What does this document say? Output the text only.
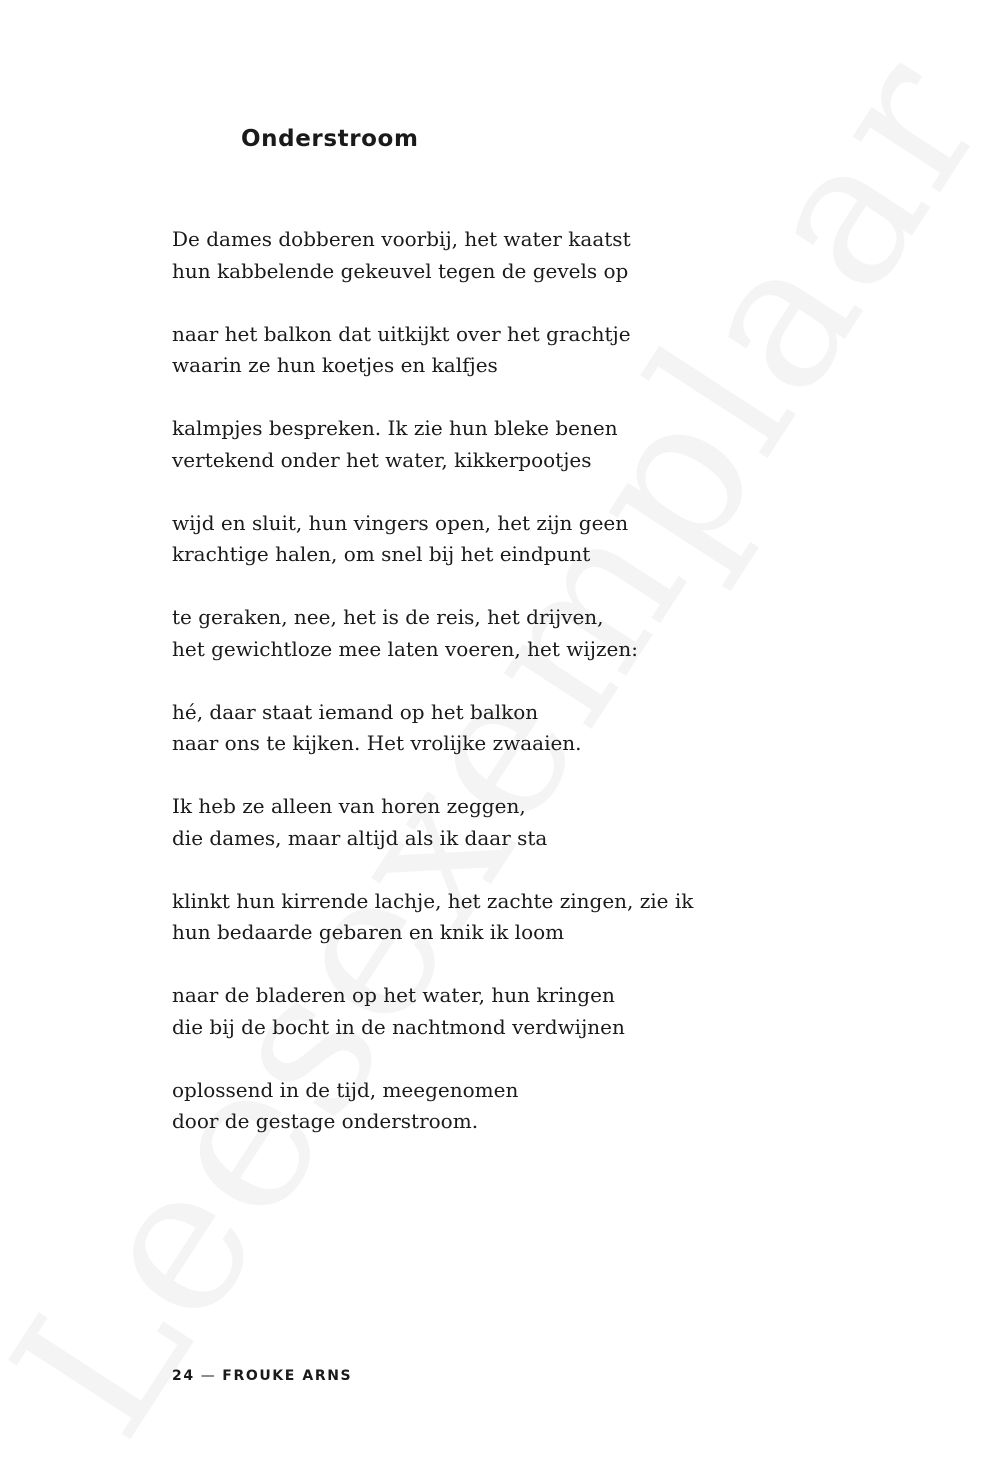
Onderstroom

De dames dobberen voorbij, het water kaatst
hun kabbelende gekeuvel tegen de gevels op

naar het balkon dat uitkijkt over het grachtje
waarin ze hun koetjes en kalfjes

kalmpjes bespreken. Ik zie hun bleke benen
vertekend onder het water, kikkerpootjes

wijd en sluit, hun vingers open, het zijn geen
krachtige halen, om snel bij het eindpunt

te geraken, nee, het is de reis, het drijven,
het gewichtloze mee laten voeren, het wijzen:

hé, daar staat iemand op het balkon
naar ons te kijken. Het vrolijke zwaaien.

Ik heb ze alleen van horen zeggen,
die dames, maar altijd als ik daar sta

klinkt hun kirrende lachje, het zachte zingen, zie ik
hun bedaarde gebaren en knik ik loom

naar de bladeren op het water, hun kringen
die bij de bocht in de nachtmond verdwijnen

oplossend in de tijd, meegenomen
door de gestage onderstroom.

24 — FROUKE ARNS
